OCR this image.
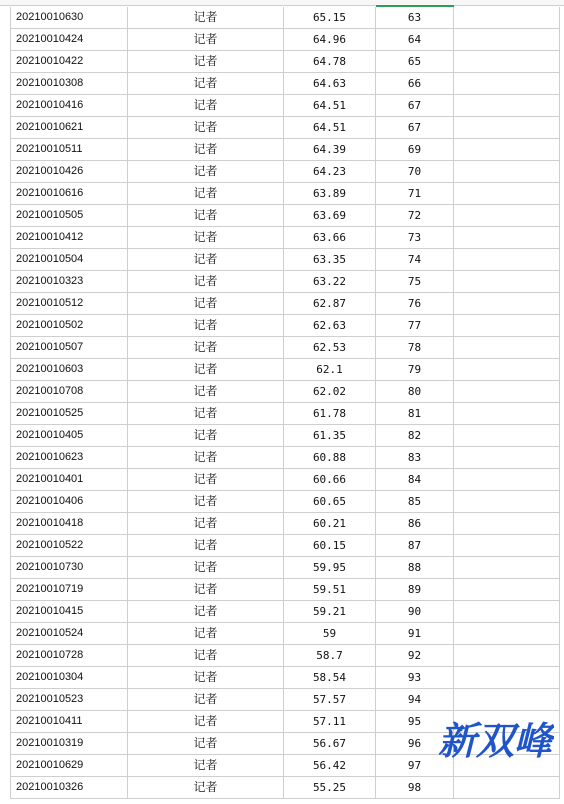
20210010630	记者	65.15	63
20210010424	记者	64.96	64
20210010422	记者	64.78	65
20210010308	记者	64.63	66
20210010416	记者	64.51	67
20210010621	记者	64.51	67
20210010511	记者	64.39	69
20210010426	记者	64.23	70
20210010616	记者	63.89	71
20210010505	记者	63.69	72
20210010412	记者	63.66	73
20210010504	记者	63.35	74
20210010323	记者	63.22	75
20210010512	记者	62.87	76
20210010502	记者	62.63	77
20210010507	记者	62.53	78
20210010603	记者	62.1	79
20210010708	记者	62.02	80
20210010525	记者	61.78	81
20210010405	记者	61.35	82
20210010623	记者	60.88	83
20210010401	记者	60.66	84
20210010406	记者	60.65	85
20210010418	记者	60.21	86
20210010522	记者	60.15	87
20210010730	记者	59.95	88
20210010719	记者	59.51	89
20210010415	记者	59.21	90
20210010524	记者	59	91
20210010728	记者	58.7	92
20210010304	记者	58.54	93
20210010523	记者	57.57	94
20210010411	记者	57.11	95
20210010319	记者	56.67	96
20210010629	记者	56.42	97
20210010326	记者	55.25	98
新双峰
